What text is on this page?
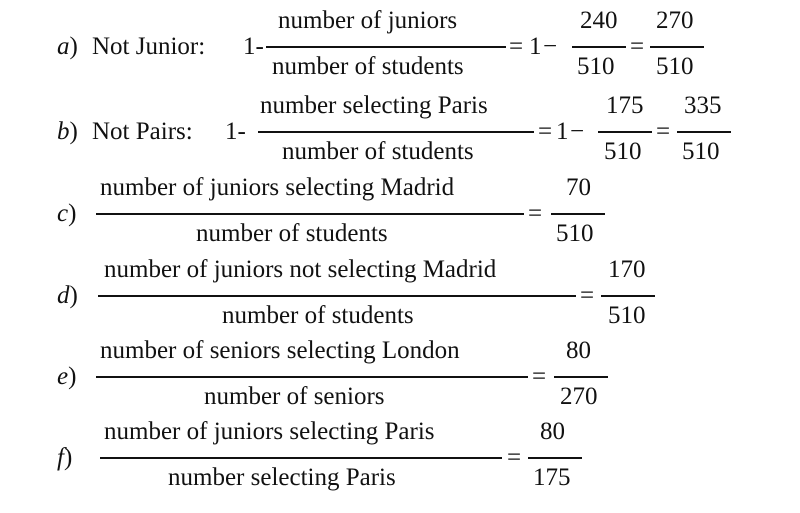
a) Not Junior: 1-
number of juniors
number of students
= 1 −
240
510
=
270
510
b) Not Pairs: 1-
number selecting Paris
number of students
= 1 −
175
510
=
335
510
c)
number of juniors selecting Madrid
number of students
=
70
510
d)
number of juniors not selecting Madrid
number of students
=
170
510
e)
number of seniors selecting London
number of seniors
=
80
270
f)
number of juniors selecting Paris
number selecting Paris
=
80
175
